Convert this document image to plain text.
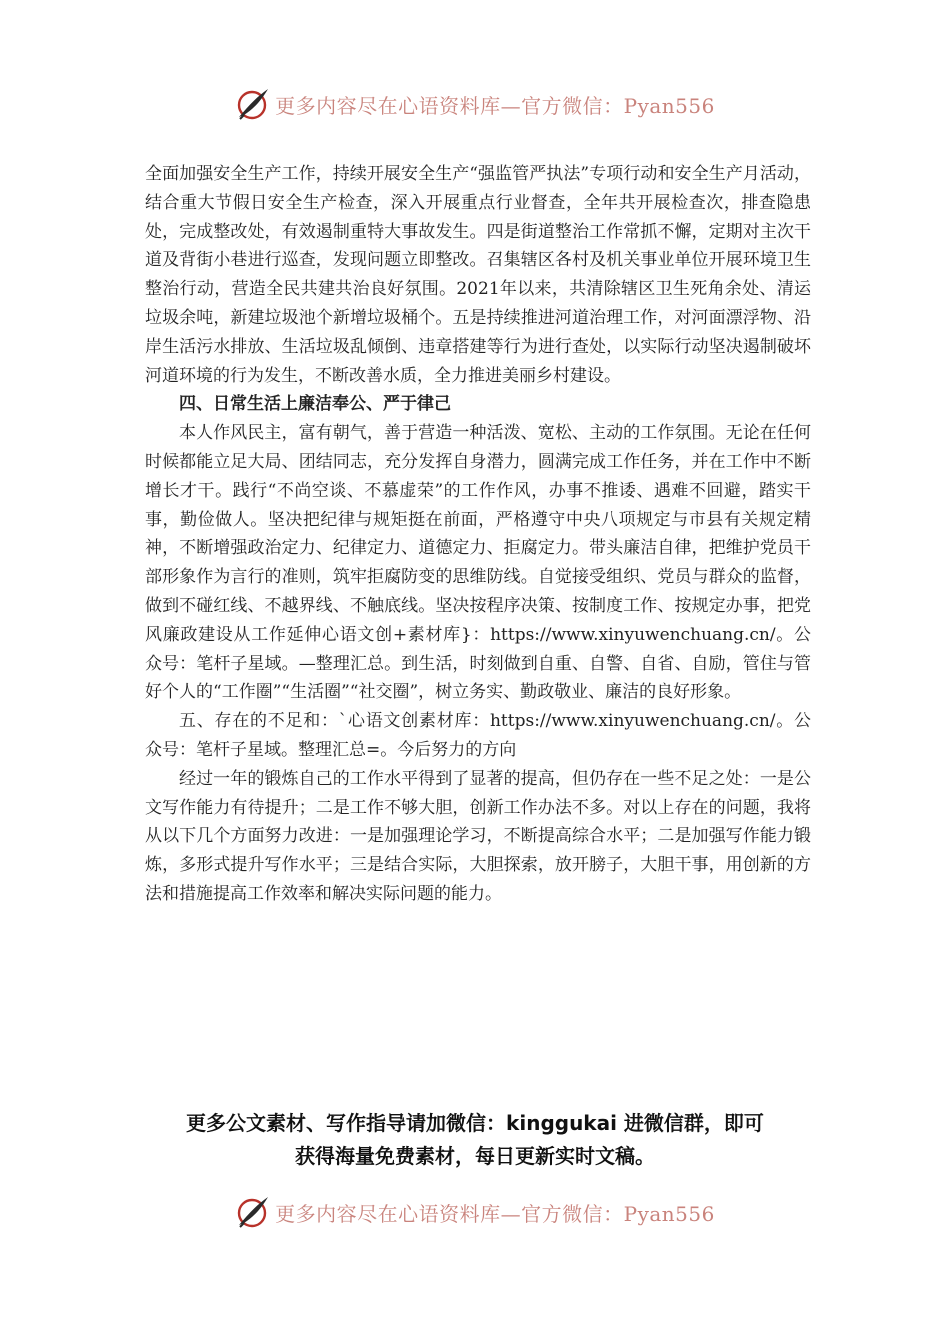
更多内容尽在心语资料库—官方微信：Pyan556

全面加强安全生产工作，持续开展安全生产“强监管严执法”专项行动和安全生产月活动，结合重大节假日安全生产检查，深入开展重点行业督查，全年共开展检查次，排查隐患处，完成整改处，有效遏制重特大事故发生。四是街道整治工作常抓不懈，定期对主次干道及背街小巷进行巡查，发现问题立即整改。召集辖区各村及机关事业单位开展环境卫生整治行动，营造全民共建共治良好氛围。2021年以来，共清除辖区卫生死角余处、清运垃圾余吨，新建垃圾池个新增垃圾桶个。五是持续推进河道治理工作，对河面漂浮物、沿岸生活污水排放、生活垃圾乱倾倒、违章搭建等行为进行查处，以实际行动坚决遏制破坏河道环境的行为发生，不断改善水质，全力推进美丽乡村建设。

四、日常生活上廉洁奉公、严于律己

本人作风民主，富有朝气，善于营造一种活泼、宽松、主动的工作氛围。无论在任何时候都能立足大局、团结同志，充分发挥自身潜力，圆满完成工作任务，并在工作中不断增长才干。践行“不尚空谈、不慕虚荣”的工作作风，办事不推诿、遇难不回避，踏实干事，勤俭做人。坚决把纪律与规矩挺在前面，严格遵守中央八项规定与市县有关规定精神，不断增强政治定力、纪律定力、道德定力、拒腐定力。带头廉洁自律，把维护党员干部形象作为言行的准则，筑牢拒腐防变的思维防线。自觉接受组织、党员与群众的监督，做到不碰红线、不越界线、不触底线。坚决按程序决策、按制度工作、按规定办事，把党风廉政建设从工作延伸心语文创+素材库}：https://www.xinyuwenchuang.cn/。公众号：笔杆子星域。—整理汇总。到生活，时刻做到自重、自警、自省、自励，管住与管好个人的“工作圈”“生活圈”“社交圈”，树立务实、勤政敬业、廉洁的良好形象。

五、存在的不足和：`心语文创素材库：https://www.xinyuwenchuang.cn/。公众号：笔杆子星域。整理汇总=。今后努力的方向

经过一年的锻炼自己的工作水平得到了显著的提高，但仍存在一些不足之处：一是公文写作能力有待提升；二是工作不够大胆，创新工作办法不多。对以上存在的问题，我将从以下几个方面努力改进：一是加强理论学习，不断提高综合水平；二是加强写作能力锻炼，多形式提升写作水平；三是结合实际，大胆探索，放开膀子，大胆干事，用创新的方法和措施提高工作效率和解决实际问题的能力。

更多公文素材、写作指导请加微信：kinggukai 进微信群，即可
获得海量免费素材，每日更新实时文稿。
更多内容尽在心语资料库—官方微信：Pyan556
